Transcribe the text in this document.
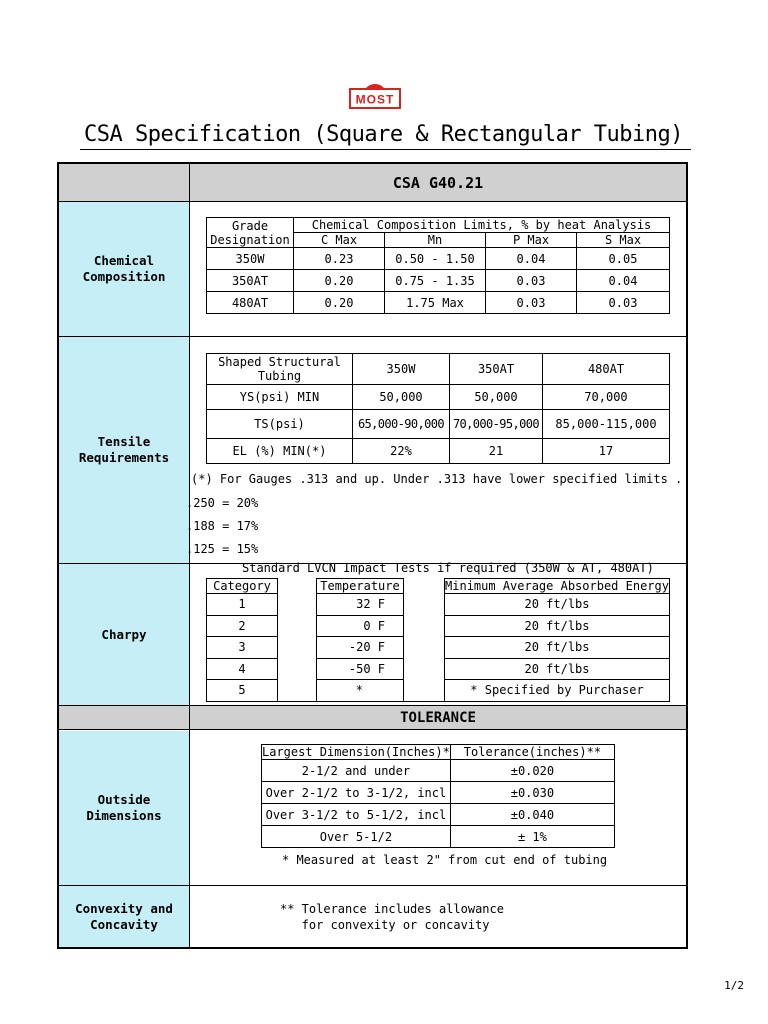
MOST
CSA Specification (Square & Rectangular Tubing)
CSA G40.21
Chemical
Composition
Tensile
Requirements
Charpy
TOLERANCE
Outside
Dimensions
Convexity and
Concavity
Grade
Designation	Chemical Composition Limits, % by heat Analysis			
	C Max	Mn	P Max	S Max
350W	0.23	0.50 - 1.50	0.04	0.05
350AT	0.20	0.75 - 1.35	0.03	0.04
480AT	0.20	1.75 Max	0.03	0.03
Shaped Structural
Tubing	350W	350AT	480AT
YS(psi) MIN	50,000	50,000	70,000
TS(psi)	65,000-90,000	70,000-95,000	85,000-115,000
EL (%) MIN(*)	22%	21	17
(*) For Gauges .313 and up. Under .313 have lower specified limits .
.250 = 20%
.188 = 17%
.125 = 15%
Standard LVCN Impact Tests if required (350W & AT, 480AT)
Category		Temperature		Minimum Average Absorbed Energy
1		32 F		20 ft/lbs
2		0 F		20 ft/lbs
3		-20 F		20 ft/lbs
4		-50 F		20 ft/lbs
5		*		* Specified by Purchaser
Largest Dimension(Inches)*	Tolerance(inches)**
2-1/2 and under	±0.020
Over 2-1/2 to 3-1/2, incl	±0.030
Over 3-1/2 to 5-1/2, incl	±0.040
Over 5-1/2	± 1%
* Measured at least 2" from cut end of tubing
** Tolerance includes allowance
for convexity or concavity
1/2
